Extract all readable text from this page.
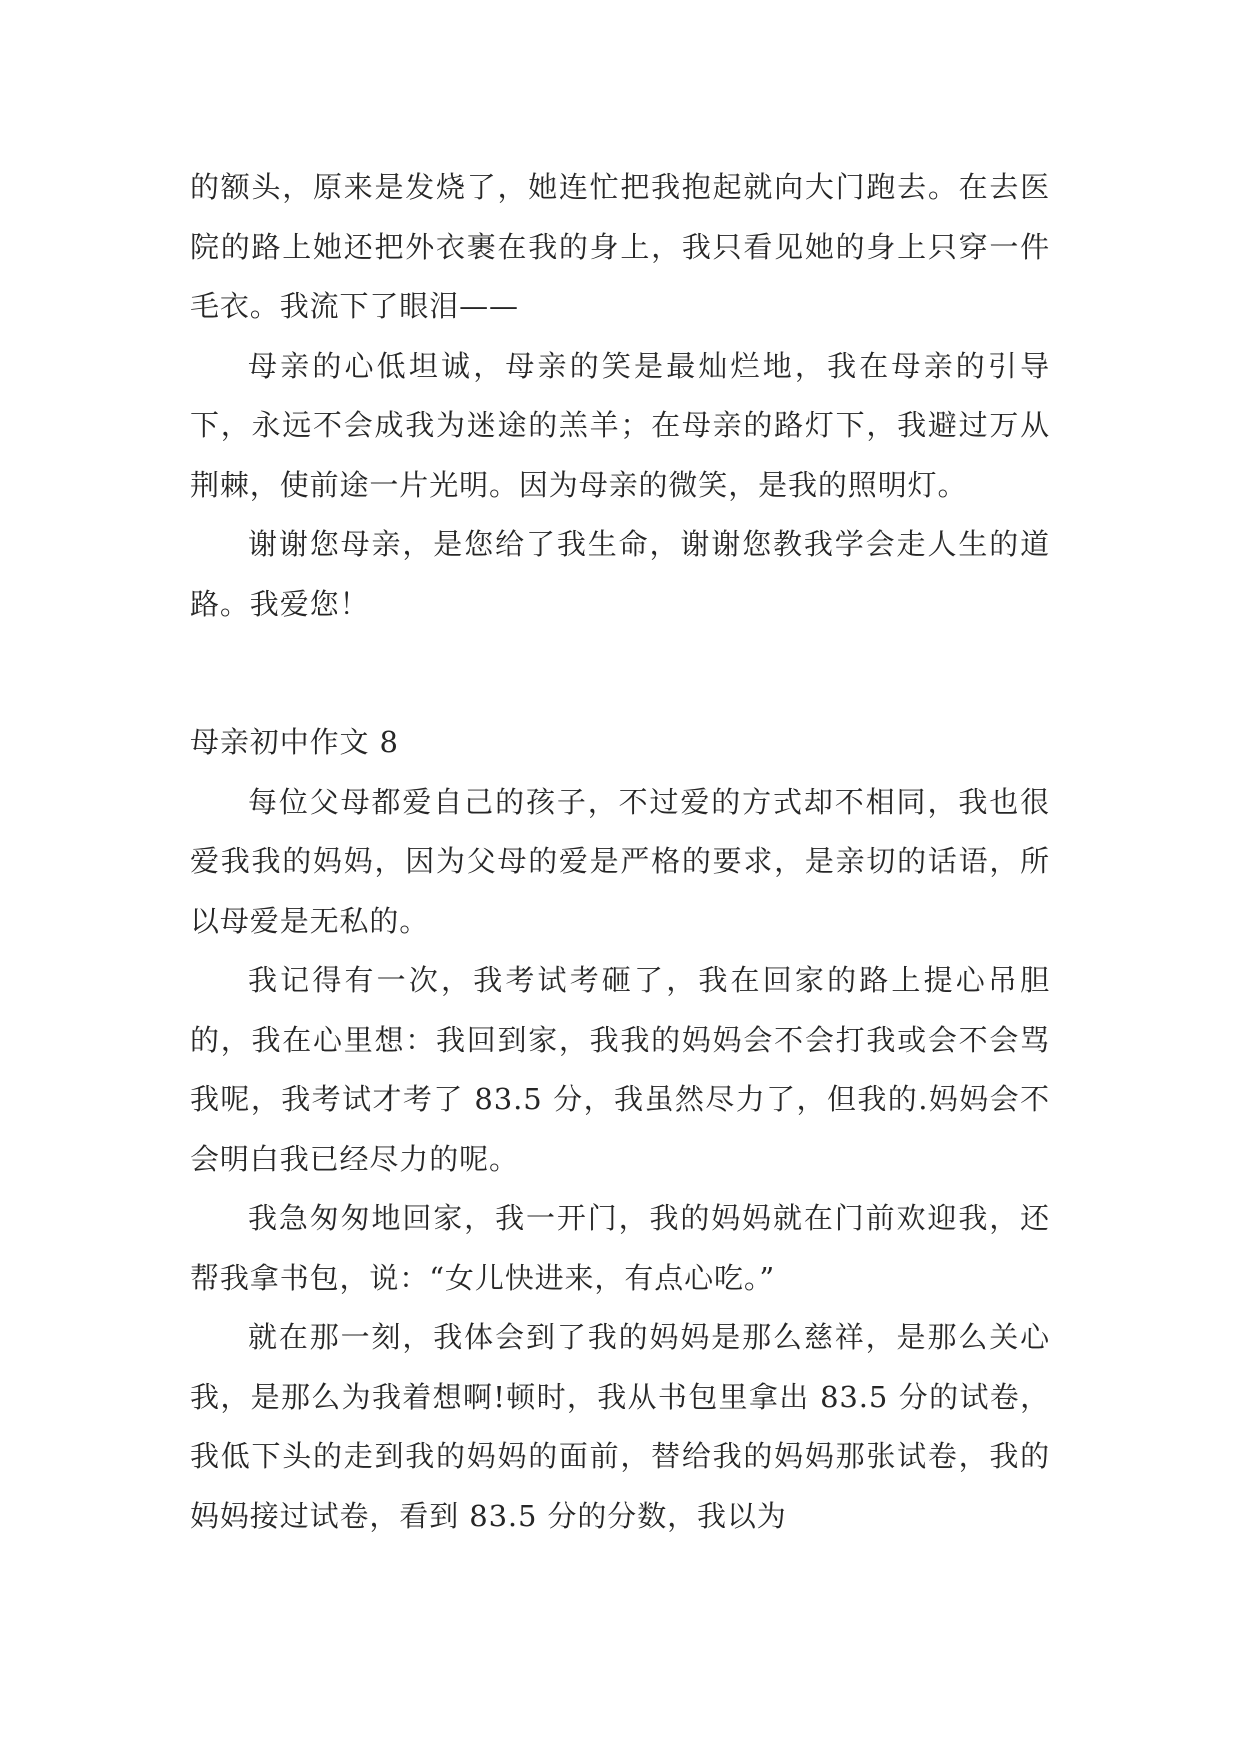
的额头，原来是发烧了，她连忙把我抱起就向大门跑去。在去医院的路上她还把外衣裹在我的身上，我只看见她的身上只穿一件毛衣。我流下了眼泪——

母亲的心低坦诚，母亲的笑是最灿烂地，我在母亲的引导下，永远不会成我为迷途的羔羊；在母亲的路灯下，我避过万从荆棘，使前途一片光明。因为母亲的微笑，是我的照明灯。

谢谢您母亲，是您给了我生命，谢谢您教我学会走人生的道路。我爱您！

母亲初中作文 8

每位父母都爱自己的孩子，不过爱的方式却不相同，我也很爱我我的妈妈，因为父母的爱是严格的要求，是亲切的话语，所以母爱是无私的。

我记得有一次，我考试考砸了，我在回家的路上提心吊胆的，我在心里想：我回到家，我我的妈妈会不会打我或会不会骂我呢，我考试才考了 83.5 分，我虽然尽力了，但我的.妈妈会不会明白我已经尽力的呢。

我急匆匆地回家，我一开门，我的妈妈就在门前欢迎我，还帮我拿书包，说：“女儿快进来，有点心吃。”

就在那一刻，我体会到了我的妈妈是那么慈祥，是那么关心我，是那么为我着想啊!顿时，我从书包里拿出 83.5 分的试卷，我低下头的走到我的妈妈的面前，替给我的妈妈那张试卷，我的妈妈接过试卷，看到 83.5 分的分数，我以为
